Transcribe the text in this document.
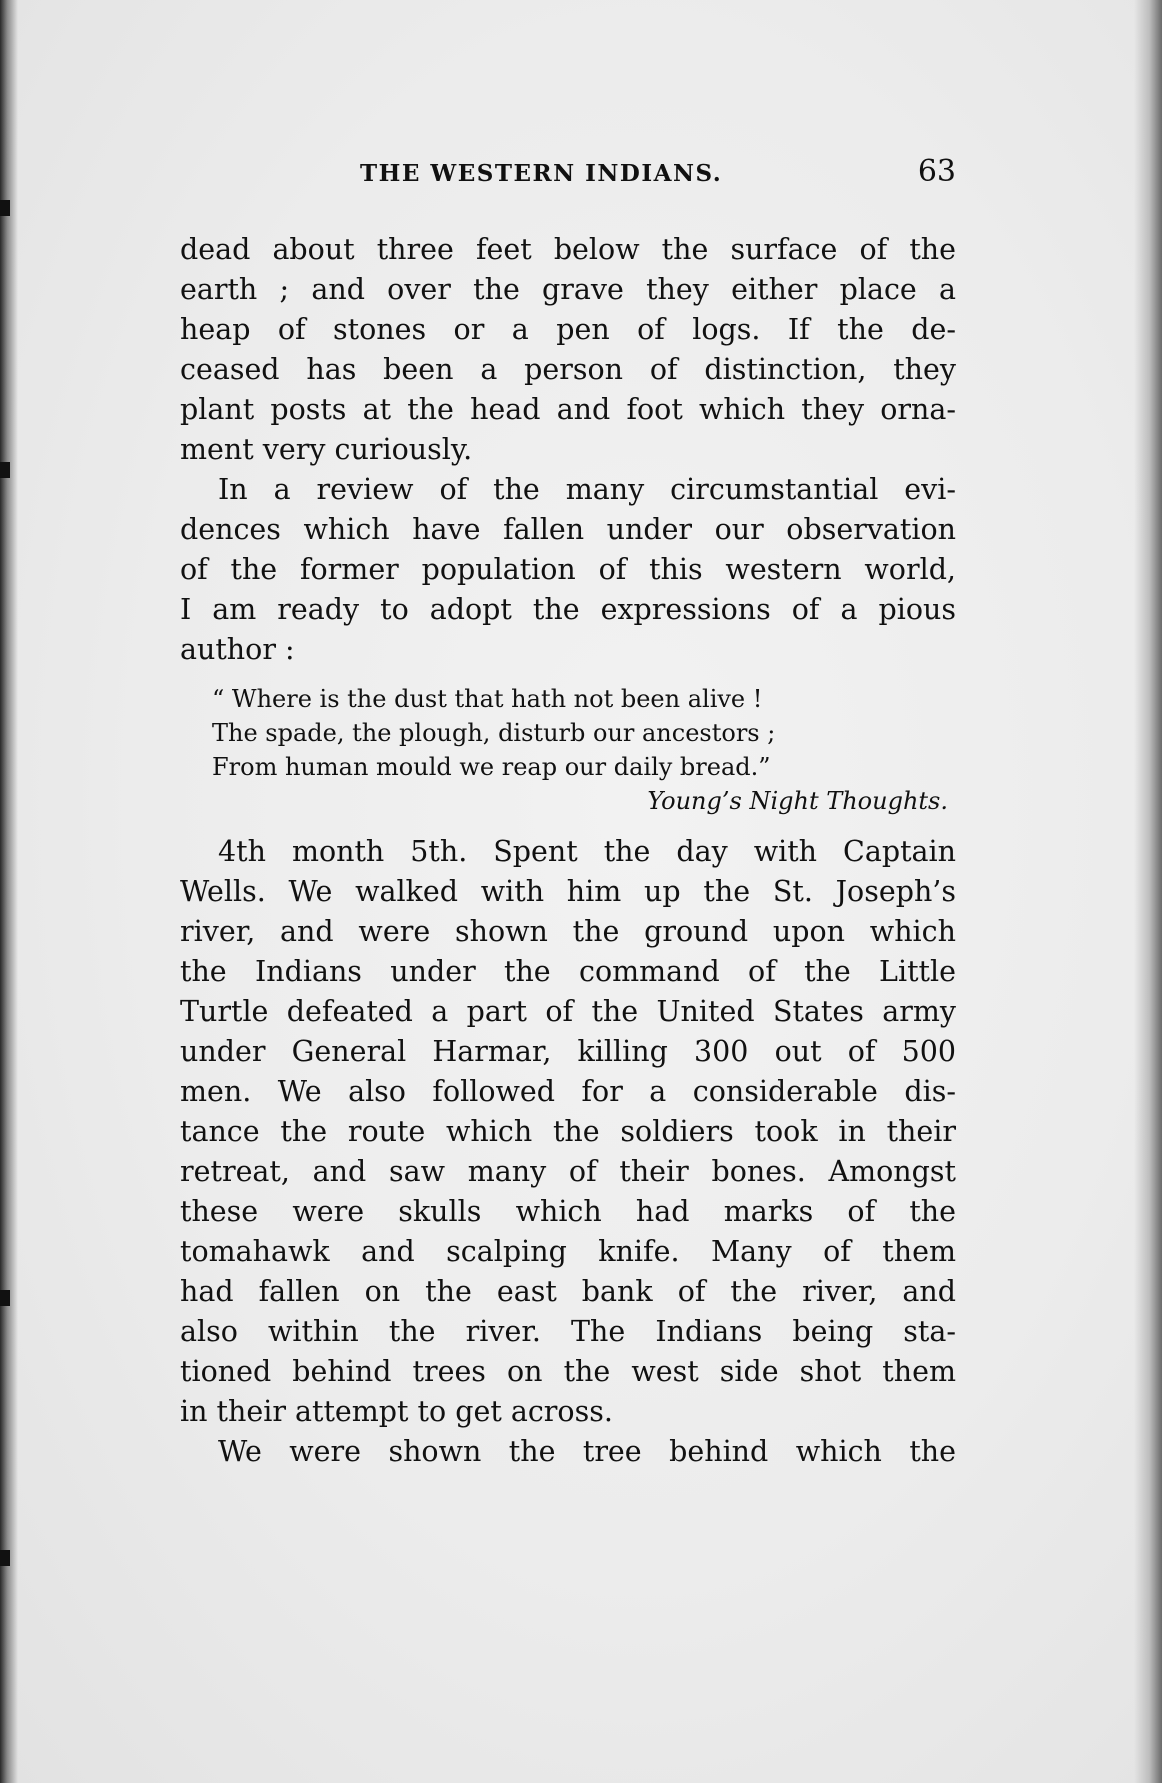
THE WESTERN INDIANS.	63
dead about three feet below the surface of the
earth ; and over the grave they either place a
heap of stones or a pen of logs. If the de-
ceased has been a person of distinction, they
plant posts at the head and foot which they orna-
ment very curiously.
In a review of the many circumstantial evi-
dences which have fallen under our observation
of the former population of this western world,
I am ready to adopt the expressions of a pious
author :
“ Where is the dust that hath not been alive !
The spade, the plough, disturb our ancestors ;
From human mould we reap our daily bread.”
Young’s Night Thoughts.
4th month 5th. Spent the day with Captain
Wells. We walked with him up the St. Joseph’s
river, and were shown the ground upon which
the Indians under the command of the Little
Turtle defeated a part of the United States army
under General Harmar, killing 300 out of 500
men. We also followed for a considerable dis-
tance the route which the soldiers took in their
retreat, and saw many of their bones. Amongst
these were skulls which had marks of the
tomahawk and scalping knife. Many of them
had fallen on the east bank of the river, and
also within the river. The Indians being sta-
tioned behind trees on the west side shot them
in their attempt to get across.
We were shown the tree behind which the
